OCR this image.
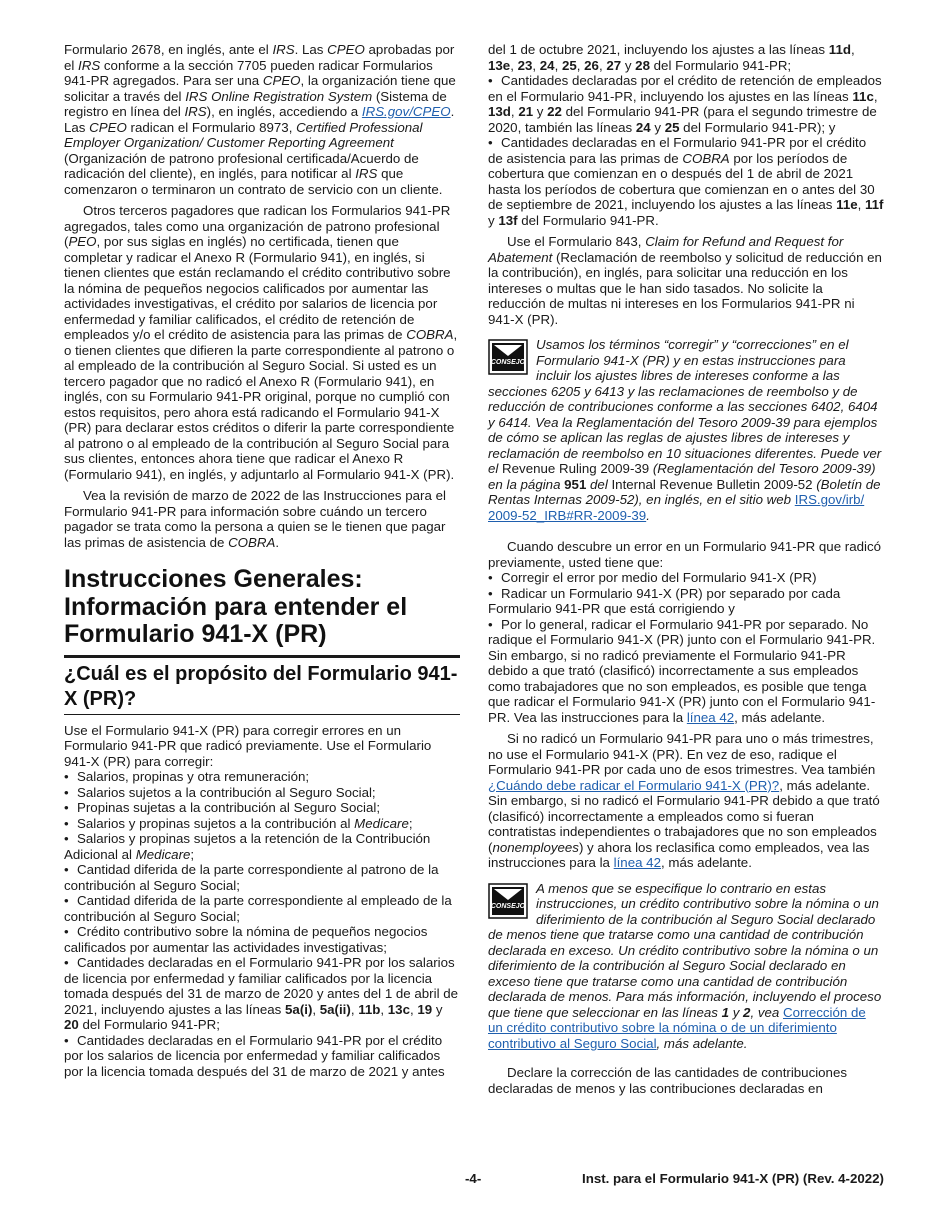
Formulario 2678, en inglés, ante el IRS. Las CPEO aprobadas por el IRS conforme a la sección 7705 pueden radicar Formularios 941-PR agregados. Para ser una CPEO, la organización tiene que solicitar a través del IRS Online Registration System (Sistema de registro en línea del IRS), en inglés, accediendo a IRS.gov/CPEO. Las CPEO radican el Formulario 8973, Certified Professional Employer Organization/ Customer Reporting Agreement (Organización de patrono profesional certificada/Acuerdo de radicación del cliente), en inglés, para notificar al IRS que comenzaron o terminaron un contrato de servicio con un cliente.

Otros terceros pagadores que radican los Formularios 941-PR agregados, tales como una organización de patrono profesional (PEO, por sus siglas en inglés) no certificada, tienen que completar y radicar el Anexo R (Formulario 941), en inglés, si tienen clientes que están reclamando el crédito contributivo sobre la nómina de pequeños negocios calificados por aumentar las actividades investigativas, el crédito por salarios de licencia por enfermedad y familiar calificados, el crédito de retención de empleados y/o el crédito de asistencia para las primas de COBRA, o tienen clientes que difieren la parte correspondiente al patrono o al empleado de la contribución al Seguro Social. Si usted es un tercero pagador que no radicó el Anexo R (Formulario 941), en inglés, con su Formulario 941-PR original, porque no cumplió con estos requisitos, pero ahora está radicando el Formulario 941-X (PR) para declarar estos créditos o diferir la parte correspondiente al patrono o al empleado de la contribución al Seguro Social para sus clientes, entonces ahora tiene que radicar el Anexo R (Formulario 941), en inglés, y adjuntarlo al Formulario 941-X (PR).

Vea la revisión de marzo de 2022 de las Instrucciones para el Formulario 941-PR para información sobre cuándo un tercero pagador se trata como la persona a quien se le tienen que pagar las primas de asistencia de COBRA.

Instrucciones Generales: Información para entender el Formulario 941-X (PR)
¿Cuál es el propósito del Formulario 941-X (PR)?

Use el Formulario 941-X (PR) para corregir errores en un Formulario 941-PR que radicó previamente. Use el Formulario 941-X (PR) para corregir:

• Salarios, propinas y otra remuneración;
• Salarios sujetos a la contribución al Seguro Social;
• Propinas sujetas a la contribución al Seguro Social;
• Salarios y propinas sujetos a la contribución al Medicare;
• Salarios y propinas sujetos a la retención de la Contribución Adicional al Medicare;
• Cantidad diferida de la parte correspondiente al patrono de la contribución al Seguro Social;
• Cantidad diferida de la parte correspondiente al empleado de la contribución al Seguro Social;
• Crédito contributivo sobre la nómina de pequeños negocios calificados por aumentar las actividades investigativas;
• Cantidades declaradas en el Formulario 941-PR por los salarios de licencia por enfermedad y familiar calificados por la licencia tomada después del 31 de marzo de 2020 y antes del 1 de abril de 2021, incluyendo ajustes a las líneas 5a(i), 5a(ii), 11b, 13c, 19 y 20 del Formulario 941-PR;
• Cantidades declaradas en el Formulario 941-PR por el crédito por los salarios de licencia por enfermedad y familiar calificados por la licencia tomada después del 31 de marzo de 2021 y antes

del 1 de octubre 2021, incluyendo los ajustes a las líneas 11d, 13e, 23, 24, 25, 26, 27 y 28 del Formulario 941-PR;

• Cantidades declaradas por el crédito de retención de empleados en el Formulario 941-PR, incluyendo los ajustes en las líneas 11c, 13d, 21 y 22 del Formulario 941-PR (para el segundo trimestre de 2020, también las líneas 24 y 25 del Formulario 941-PR); y
• Cantidades declaradas en el Formulario 941-PR por el crédito de asistencia para las primas de COBRA por los períodos de cobertura que comienzan en o después del 1 de abril de 2021 hasta los períodos de cobertura que comienzan en o antes del 30 de septiembre de 2021, incluyendo los ajustes a las líneas 11e, 11f y 13f del Formulario 941-PR.

Use el Formulario 843, Claim for Refund and Request for Abatement (Reclamación de reembolso y solicitud de reducción en la contribución), en inglés, para solicitar una reducción en los intereses o multas que le han sido tasados. No solicite la reducción de multas ni intereses en los Formularios 941-PR ni 941-X (PR).

CONSEJO
Usamos los términos “corregir” y “correcciones” en el Formulario 941-X (PR) y en estas instrucciones para incluir los ajustes libres de intereses conforme a las secciones 6205 y 6413 y las reclamaciones de reembolso y de reducción de contribuciones conforme a las secciones 6402, 6404 y 6414. Vea la Reglamentación del Tesoro 2009-39 para ejemplos de cómo se aplican las reglas de ajustes libres de intereses y reclamación de reembolso en 10 situaciones diferentes. Puede ver el Revenue Ruling 2009-39 (Reglamentación del Tesoro 2009-39) en la página 951 del Internal Revenue Bulletin 2009-52 (Boletín de Rentas Internas 2009-52), en inglés, en el sitio web IRS.gov/irb/ 2009-52_IRB#RR-2009-39.

Cuando descubre un error en un Formulario 941-PR que radicó previamente, usted tiene que:

• Corregir el error por medio del Formulario 941-X (PR)
• Radicar un Formulario 941-X (PR) por separado por cada Formulario 941-PR que está corrigiendo y
• Por lo general, radicar el Formulario 941-PR por separado. No radique el Formulario 941-X (PR) junto con el Formulario 941-PR. Sin embargo, si no radicó previamente el Formulario 941-PR debido a que trató (clasificó) incorrectamente a sus empleados como trabajadores que no son empleados, es posible que tenga que radicar el Formulario 941-X (PR) junto con el Formulario 941-PR. Vea las instrucciones para la línea 42, más adelante.

Si no radicó un Formulario 941-PR para uno o más trimestres, no use el Formulario 941-X (PR). En vez de eso, radique el Formulario 941-PR por cada uno de esos trimestres. Vea también ¿Cuándo debe radicar el Formulario 941-X (PR)?, más adelante. Sin embargo, si no radicó el Formulario 941-PR debido a que trató (clasificó) incorrectamente a empleados como si fueran contratistas independientes o trabajadores que no son empleados (nonemployees) y ahora los reclasifica como empleados, vea las instrucciones para la línea 42, más adelante.

CONSEJO
A menos que se especifique lo contrario en estas instrucciones, un crédito contributivo sobre la nómina o un diferimiento de la contribución al Seguro Social declarado de menos tiene que tratarse como una cantidad de contribución declarada en exceso. Un crédito contributivo sobre la nómina o un diferimiento de la contribución al Seguro Social declarado en exceso tiene que tratarse como una cantidad de contribución declarada de menos. Para más información, incluyendo el proceso que tiene que seleccionar en las líneas 1 y 2, vea Corrección de un crédito contributivo sobre la nómina o de un diferimiento contributivo al Seguro Social, más adelante.

Declare la corrección de las cantidades de contribuciones declaradas de menos y las contribuciones declaradas en

-4-	Inst. para el Formulario 941-X (PR) (Rev. 4-2022)
